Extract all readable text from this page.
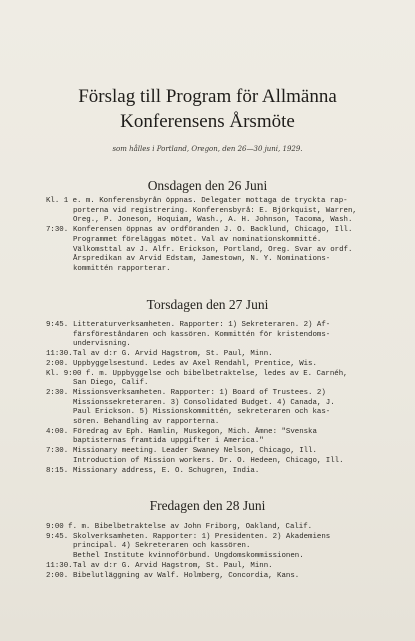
Förslag till Program för Allmänna
Konferensens Årsmöte
som hålles i Portland, Oregon, den 26—30 juni, 1929.
Onsdagen den 26 Juni
Kl. 1 e. m. Konferensbyrån öppnas. Delegater mottaga de tryckta rap-
porterna vid registrering. Konferensbyrå: E. Björkquist, Warren,
Oreg., P. Joneson, Hoquiam, Wash., A. H. Johnson, Tacoma, Wash.
7:30. Konferensen öppnas av ordföranden J. O. Backlund, Chicago, Ill.
Programmet föreläggas mötet. Val av nominationskommitté.
Välkomsttal av J. Alfr. Erickson, Portland, Oreg. Svar av ordf.
Årspredikan av Arvid Edstam, Jamestown, N. Y. Nominations-
kommittén rapporterar.
Torsdagen den 27 Juni
9:45. Litteraturverksamheten. Rapporter: 1) Sekreteraren. 2) Af-
färsföreståndaren och kassören. Kommittén för kristendoms-
undervisning.
11:30. Tal av d:r G. Arvid Hagstrom, St. Paul, Minn.
2:00. Uppbyggelsestund. Ledes av Axel Rendahl, Prentice, Wis.
Kl. 9:00 f. m. Uppbyggelse och bibelbetraktelse, ledes av E. Carnéh,
San Diego, Calif.
2:30. Missionsverksamheten. Rapporter: 1) Board of Trustees. 2)
Missionssekreteraren. 3) Consolidated Budget. 4) Canada, J.
Paul Erickson. 5) Missionskommittén, sekreteraren och kas-
sören. Behandling av rapporterna.
4:00. Föredrag av Eph. Hamlin, Muskegon, Mich. Ämne: "Svenska
baptisternas framtida uppgifter i America."
7:30. Missionary meeting. Leader Swaney Nelson, Chicago, Ill.
Introduction of Mission workers. Dr. O. Hedeen, Chicago, Ill.
8:15. Missionary address, E. O. Schugren, India.
Fredagen den 28 Juni
9:00 f. m. Bibelbetraktelse av John Friborg, Oakland, Calif.
9:45. Skolverksamheten. Rapporter: 1) Presidenten. 2) Akademiens
principal. 4) Sekreteraren och kassören.
Bethel Institute kvinnoförbund. Ungdomskommissionen.
11:30. Tal av d:r G. Arvid Hagstrom, St. Paul, Minn.
2:00. Bibelutläggning av Walf. Holmberg, Concordia, Kans.
